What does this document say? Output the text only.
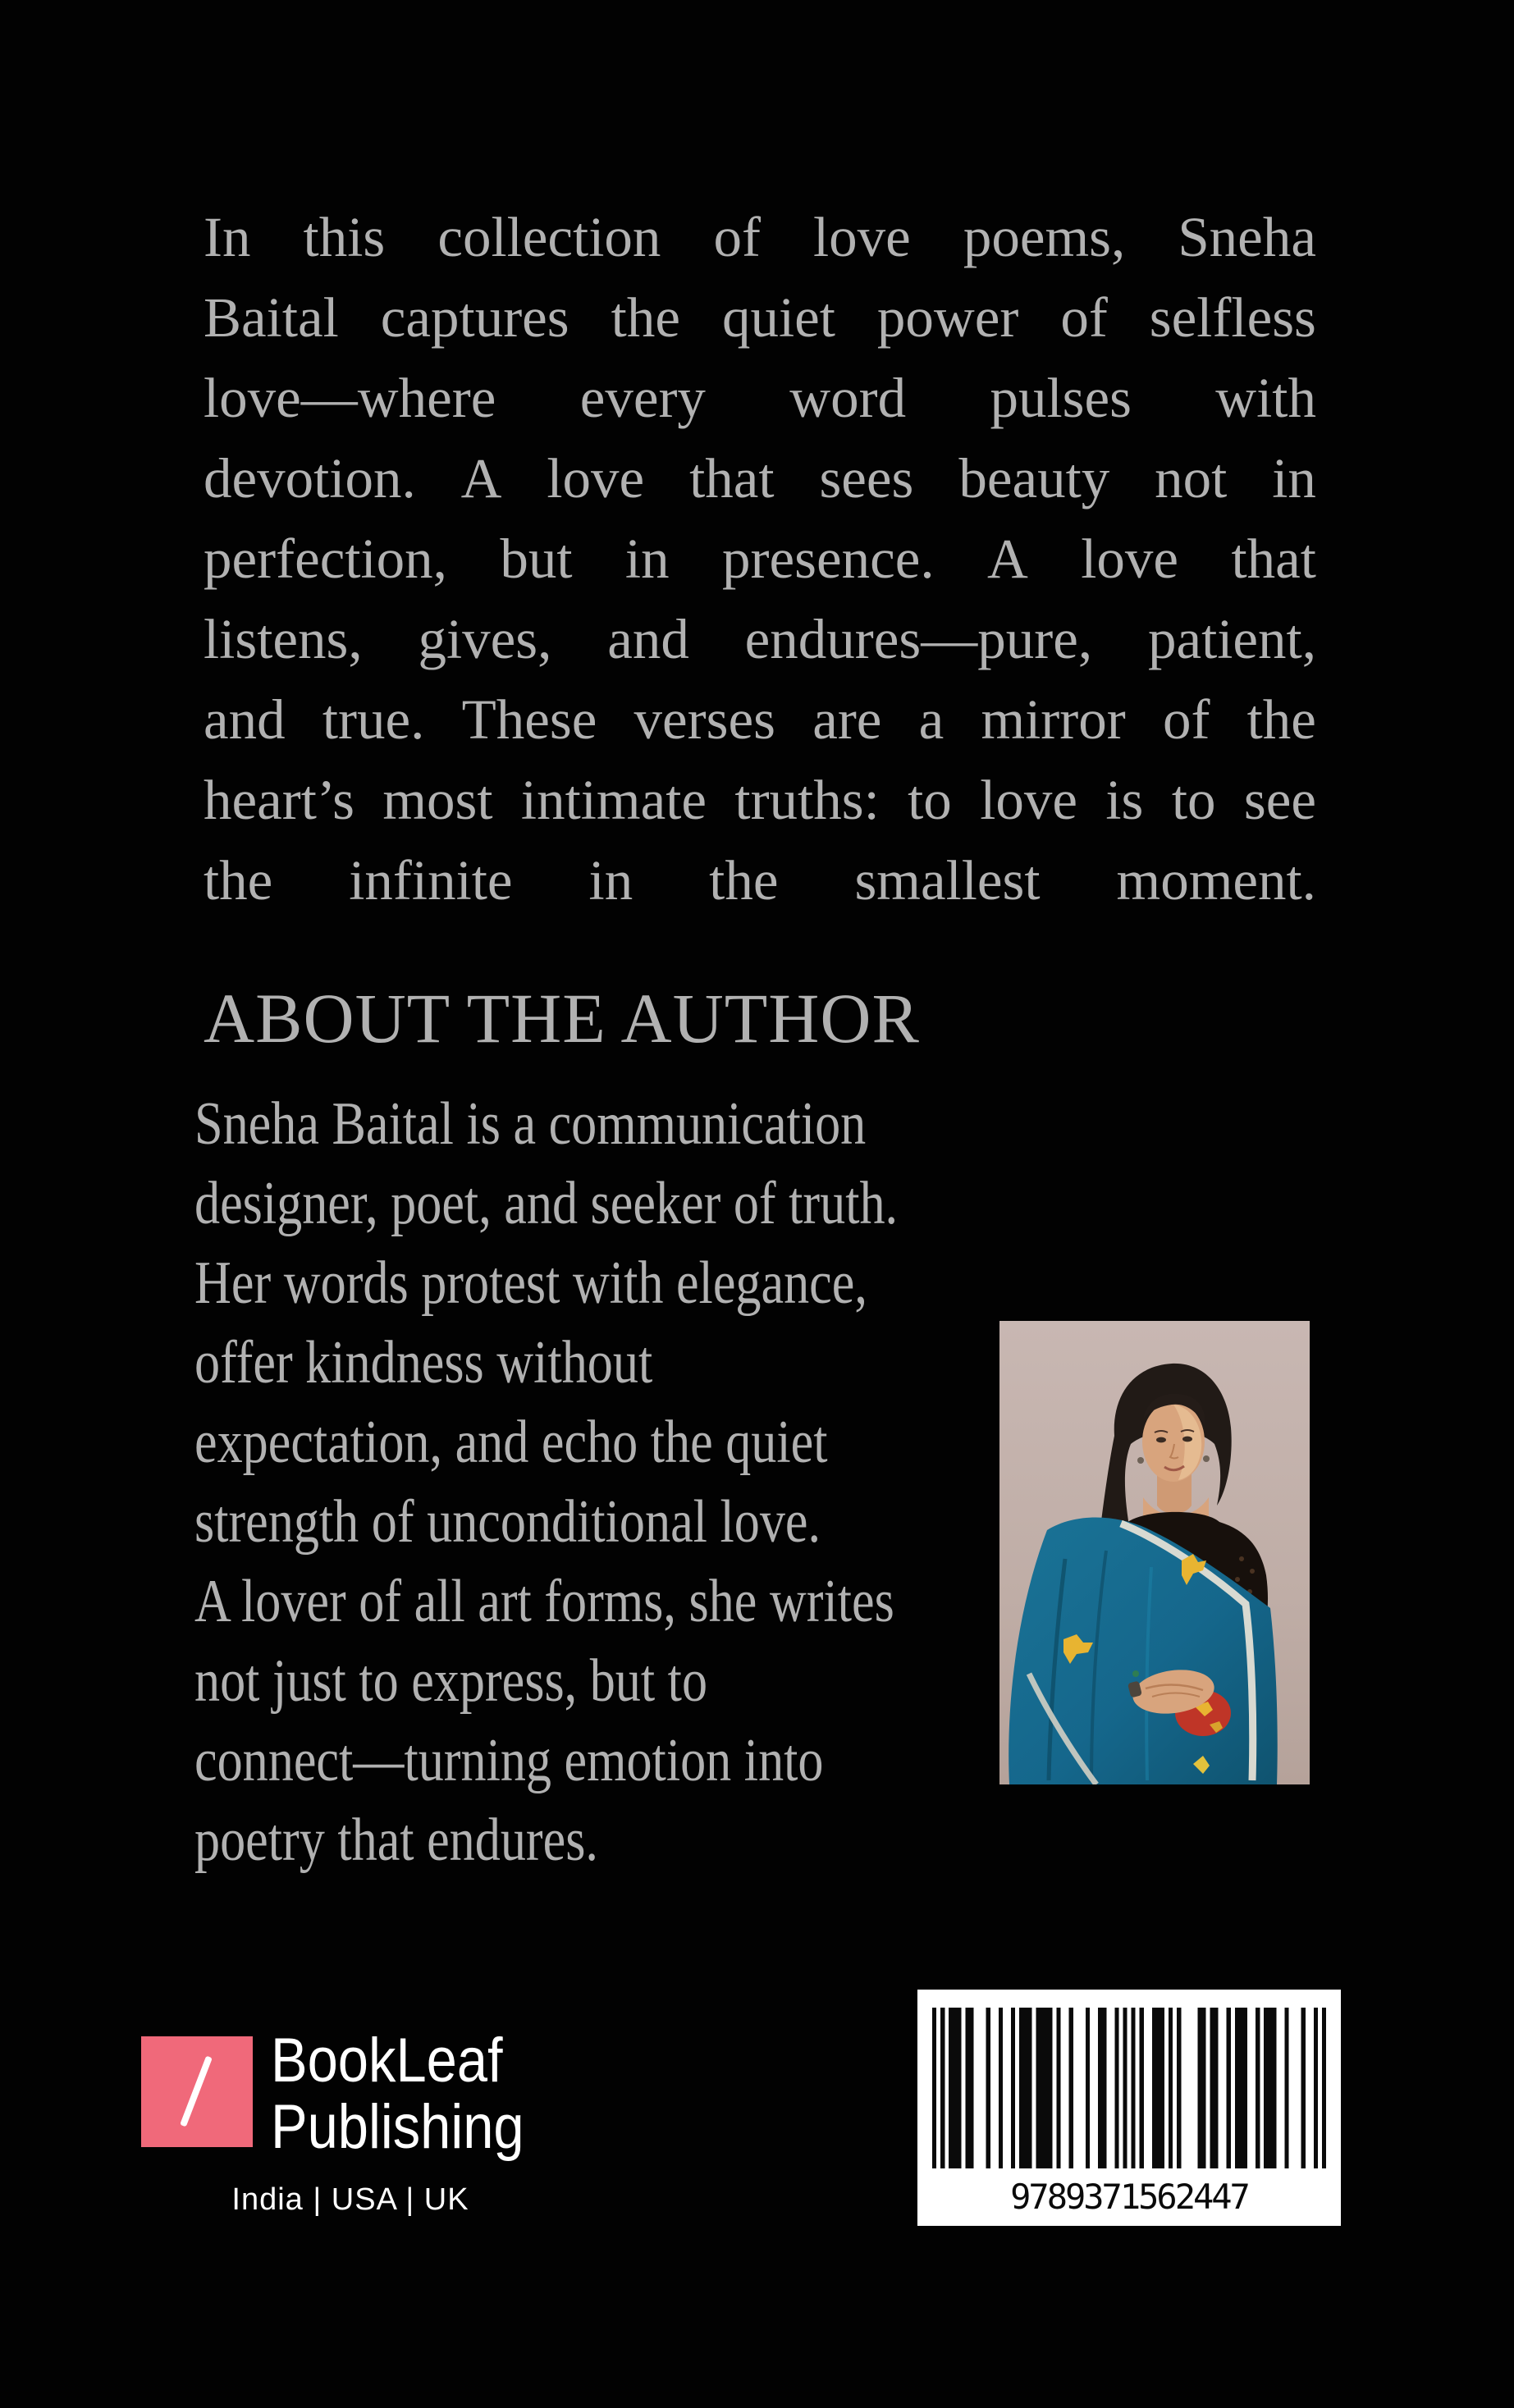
In this collection of love poems, Sneha
Baital captures the quiet power of selfless
love—where every word pulses with
devotion. A love that sees beauty not in
perfection, but in presence. A love that
listens, gives, and endures—pure, patient,
and true. These verses are a mirror of the
heart’s most intimate truths: to love is to see
the infinite in the smallest moment.
ABOUT THE AUTHOR
Sneha Baital is a communication
designer, poet, and seeker of truth.
Her words protest with elegance,
offer kindness without
expectation, and echo the quiet
strength of unconditional love.
A lover of all art forms, she writes
not just to express, but to
connect—turning emotion into
poetry that endures.
BookLeaf
Publishing
India | USA | UK	9789371562447
